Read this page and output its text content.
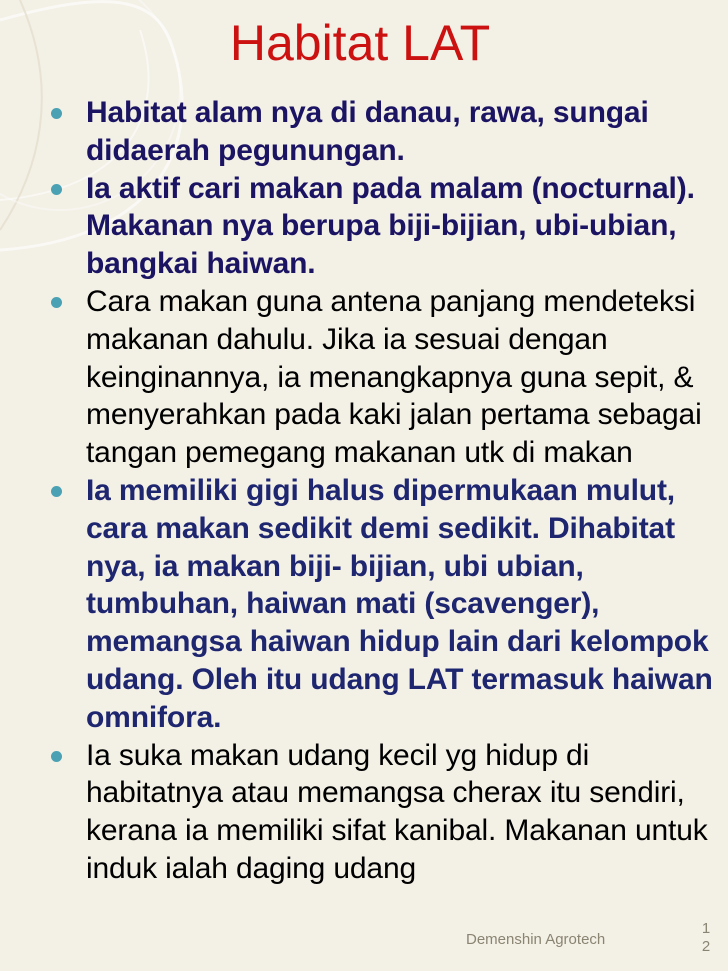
Habitat LAT
Habitat alam nya di danau, rawa, sungai didaerah pegunungan.
Ia aktif cari makan pada malam (nocturnal). Makanan nya berupa biji-bijian, ubi-ubian, bangkai haiwan.
Cara makan guna antena panjang mendeteksi makanan dahulu. Jika ia sesuai dengan keinginannya, ia menangkapnya guna sepit, & menyerahkan pada kaki jalan pertama sebagai tangan pemegang makanan utk di makan
Ia memiliki gigi halus dipermukaan mulut, cara makan sedikit demi sedikit. Dihabitat nya, ia makan biji- bijian, ubi ubian, tumbuhan, haiwan mati (scavenger), memangsa haiwan hidup lain dari kelompok udang. Oleh itu udang LAT termasuk haiwan omnifora.
Ia suka makan udang kecil yg hidup di habitatnya atau memangsa cherax itu sendiri, kerana ia memiliki sifat kanibal. Makanan untuk induk ialah daging udang
Demenshin Agrotech
1
2
